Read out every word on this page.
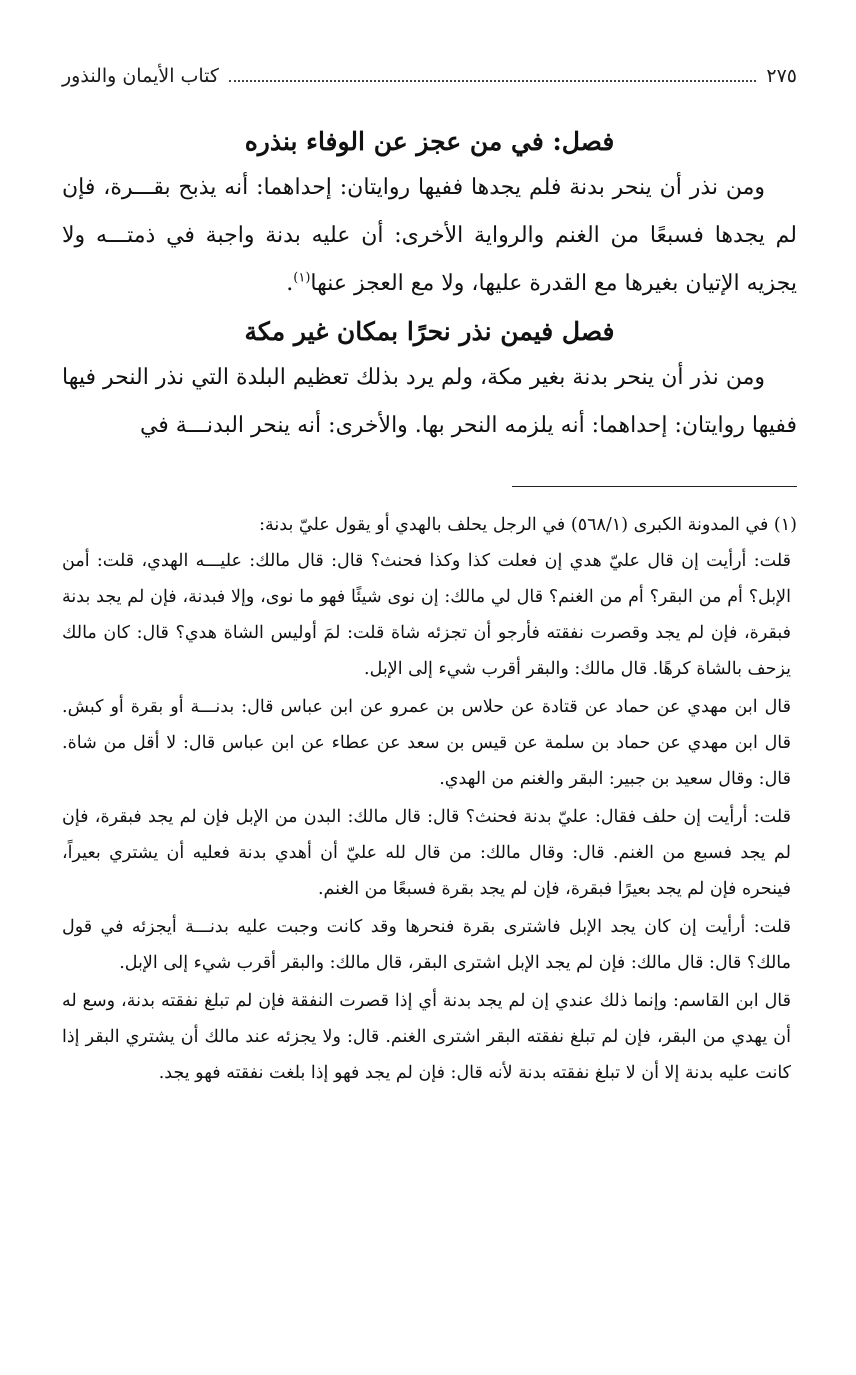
٢٧٥
كتاب الأيمان والنذور
فصل: في من عجز عن الوفاء بنذره

ومن نذر أن ينحر بدنة فلم يجدها ففيها روايتان: إحداهما: أنه يذبح بقـــرة، فإن لم يجدها فسبعًا من الغنم والرواية الأخرى: أن عليه بدنة واجبة في ذمتـــه ولا يجزيه الإتيان بغيرها مع القدرة عليها، ولا مع العجز عنها$^{(١)}$.

فصل فيمن نذر نحرًا بمكان غير مكة

ومن نذر أن ينحر بدنة بغير مكة، ولم يرد بذلك تعظيم البلدة التي نذر النحر فيها ففيها روايتان: إحداهما: أنه يلزمه النحر بها. والأخرى: أنه ينحر البدنـــة في

(١) في المدونة الكبرى (٥٦٨/١) في الرجل يحلف بالهدي أو يقول عليّ بدنة:

قلت: أرأيت إن قال عليّ هدي إن فعلت كذا وكذا فحنث؟ قال: قال مالك: عليـــه الهدي، قلت: أمن الإبل؟ أم من البقر؟ أم من الغنم؟ قال لي مالك: إن نوى شيئًا فهو ما نوى، وإلا فبدنة، فإن لم يجد بدنة فبقرة، فإن لم يجد وقصرت نفقته فأرجو أن تجزئه شاة قلت: لمَ أوليس الشاة هدي؟ قال: كان مالك يزحف بالشاة كرهًا. قال مالك: والبقر أقرب شيء إلى الإبل.

قال ابن مهدي عن حماد عن قتادة عن حلاس بن عمرو عن ابن عباس قال: بدنـــة أو بقرة أو كبش. قال ابن مهدي عن حماد بن سلمة عن قيس بن سعد عن عطاء عن ابن عباس قال: لا أقل من شاة. قال: وقال سعيد بن جبير: البقر والغنم من الهدي.

قلت: أرأيت إن حلف فقال: عليّ بدنة فحنث؟ قال: قال مالك: البدن من الإبل فإن لم يجد فبقرة، فإن لم يجد فسبع من الغنم. قال: وقال مالك: من قال لله عليّ أن أهدي بدنة فعليه أن يشتري بعيراً، فينحره فإن لم يجد بعيرًا فبقرة، فإن لم يجد بقرة فسبعًا من الغنم.

قلت: أرأيت إن كان يجد الإبل فاشترى بقرة فنحرها وقد كانت وجبت عليه بدنـــة أيجزئه في قول مالك؟ قال: قال مالك: فإن لم يجد الإبل اشترى البقر، قال مالك: والبقر أقرب شيء إلى الإبل.

قال ابن القاسم: وإنما ذلك عندي إن لم يجد بدنة أي إذا قصرت النفقة فإن لم تبلغ نفقته بدنة، وسع له أن يهدي من البقر، فإن لم تبلغ نفقته البقر اشترى الغنم. قال: ولا يجزئه عند مالك أن يشتري البقر إذا كانت عليه بدنة إلا أن لا تبلغ نفقته بدنة لأنه قال: فإن لم يجد فهو إذا بلغت نفقته فهو يجد.
